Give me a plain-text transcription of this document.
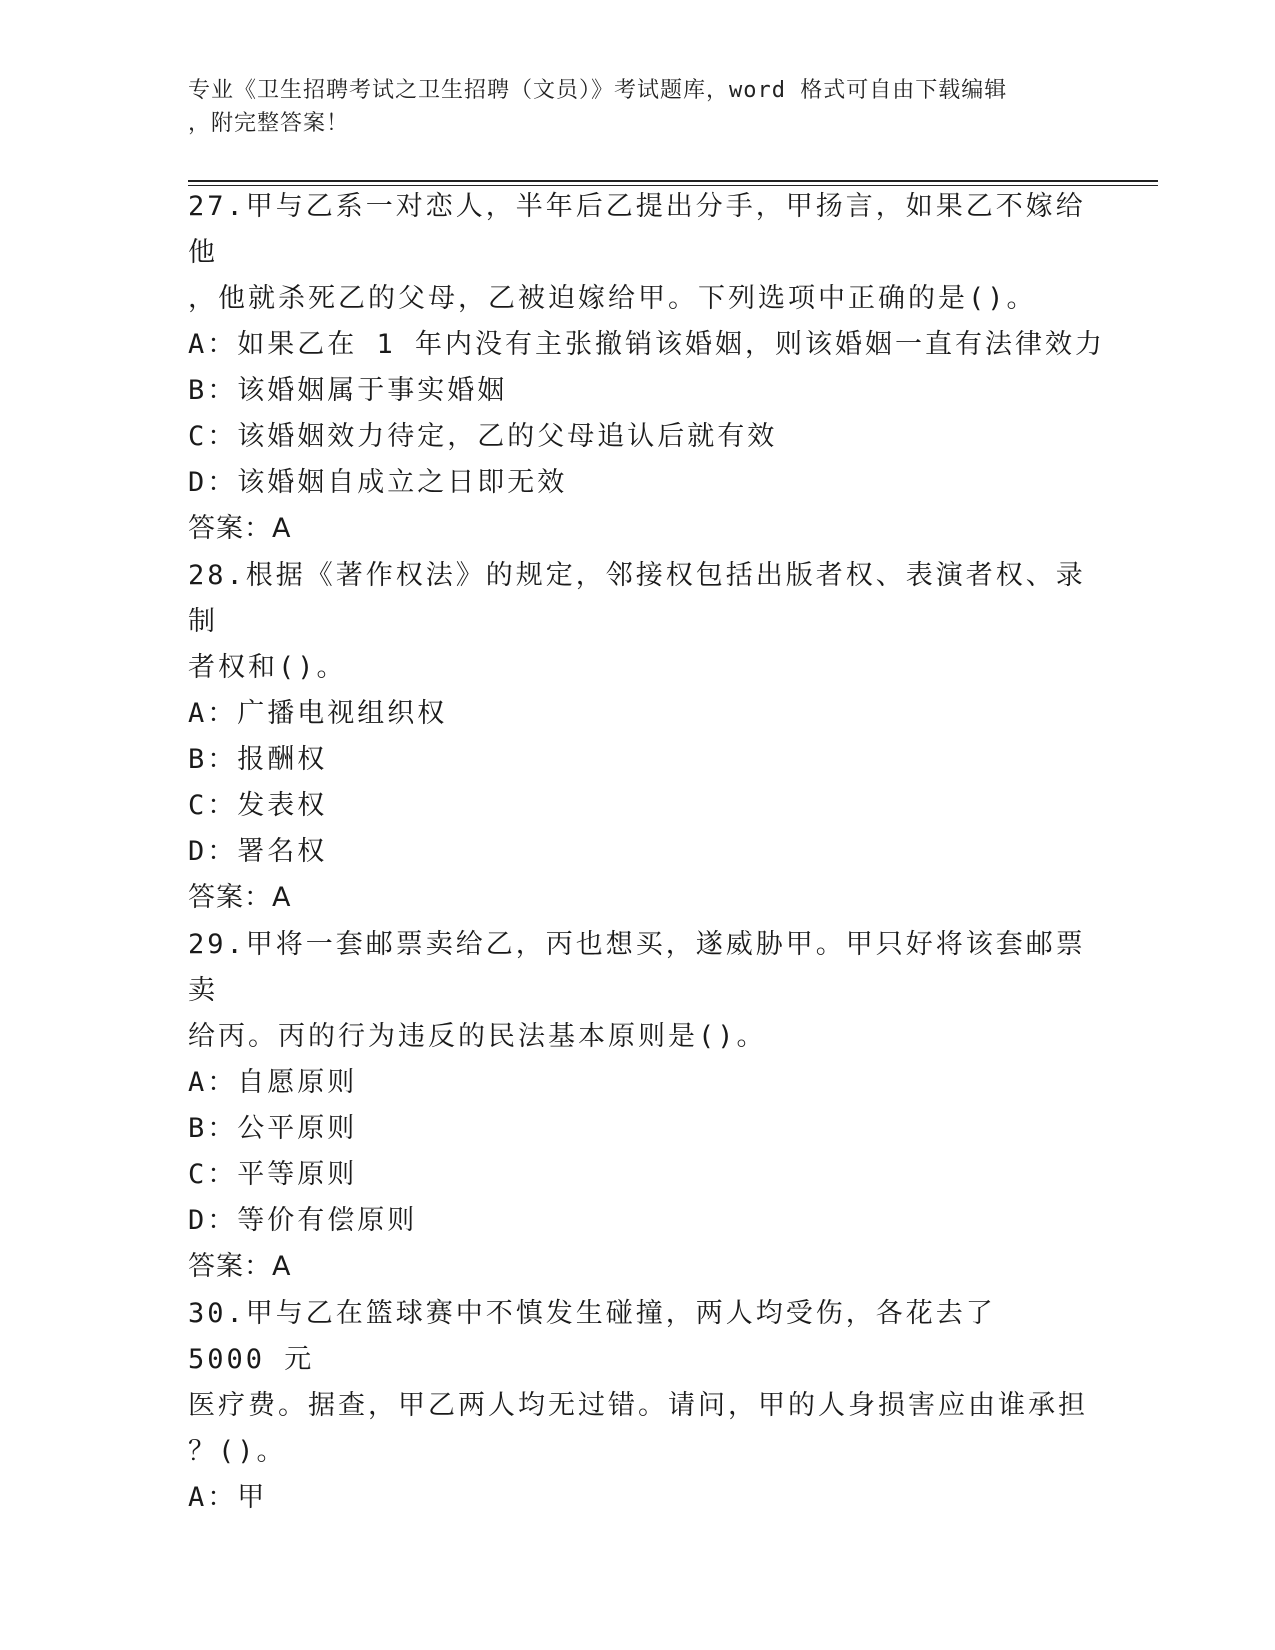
专业《卫生招聘考试之卫生招聘（文员）》考试题库，word 格式可自由下载编辑
，附完整答案！
27.甲与乙系一对恋人，半年后乙提出分手，甲扬言，如果乙不嫁给他
，他就杀死乙的父母，乙被迫嫁给甲。下列选项中正确的是()。
A：如果乙在 1 年内没有主张撤销该婚姻，则该婚姻一直有法律效力
B：该婚姻属于事实婚姻
C：该婚姻效力待定，乙的父母追认后就有效
D：该婚姻自成立之日即无效
答案：A
28.根据《著作权法》的规定，邻接权包括出版者权、表演者权、录制
者权和()。
A：广播电视组织权
B：报酬权
C：发表权
D：署名权
答案：A
29.甲将一套邮票卖给乙，丙也想买，遂威胁甲。甲只好将该套邮票卖
给丙。丙的行为违反的民法基本原则是()。
A：自愿原则
B：公平原则
C：平等原则
D：等价有偿原则
答案：A
30.甲与乙在篮球赛中不慎发生碰撞，两人均受伤，各花去了 5000 元
医疗费。据查，甲乙两人均无过错。请问，甲的人身损害应由谁承担
？()。
A：甲
